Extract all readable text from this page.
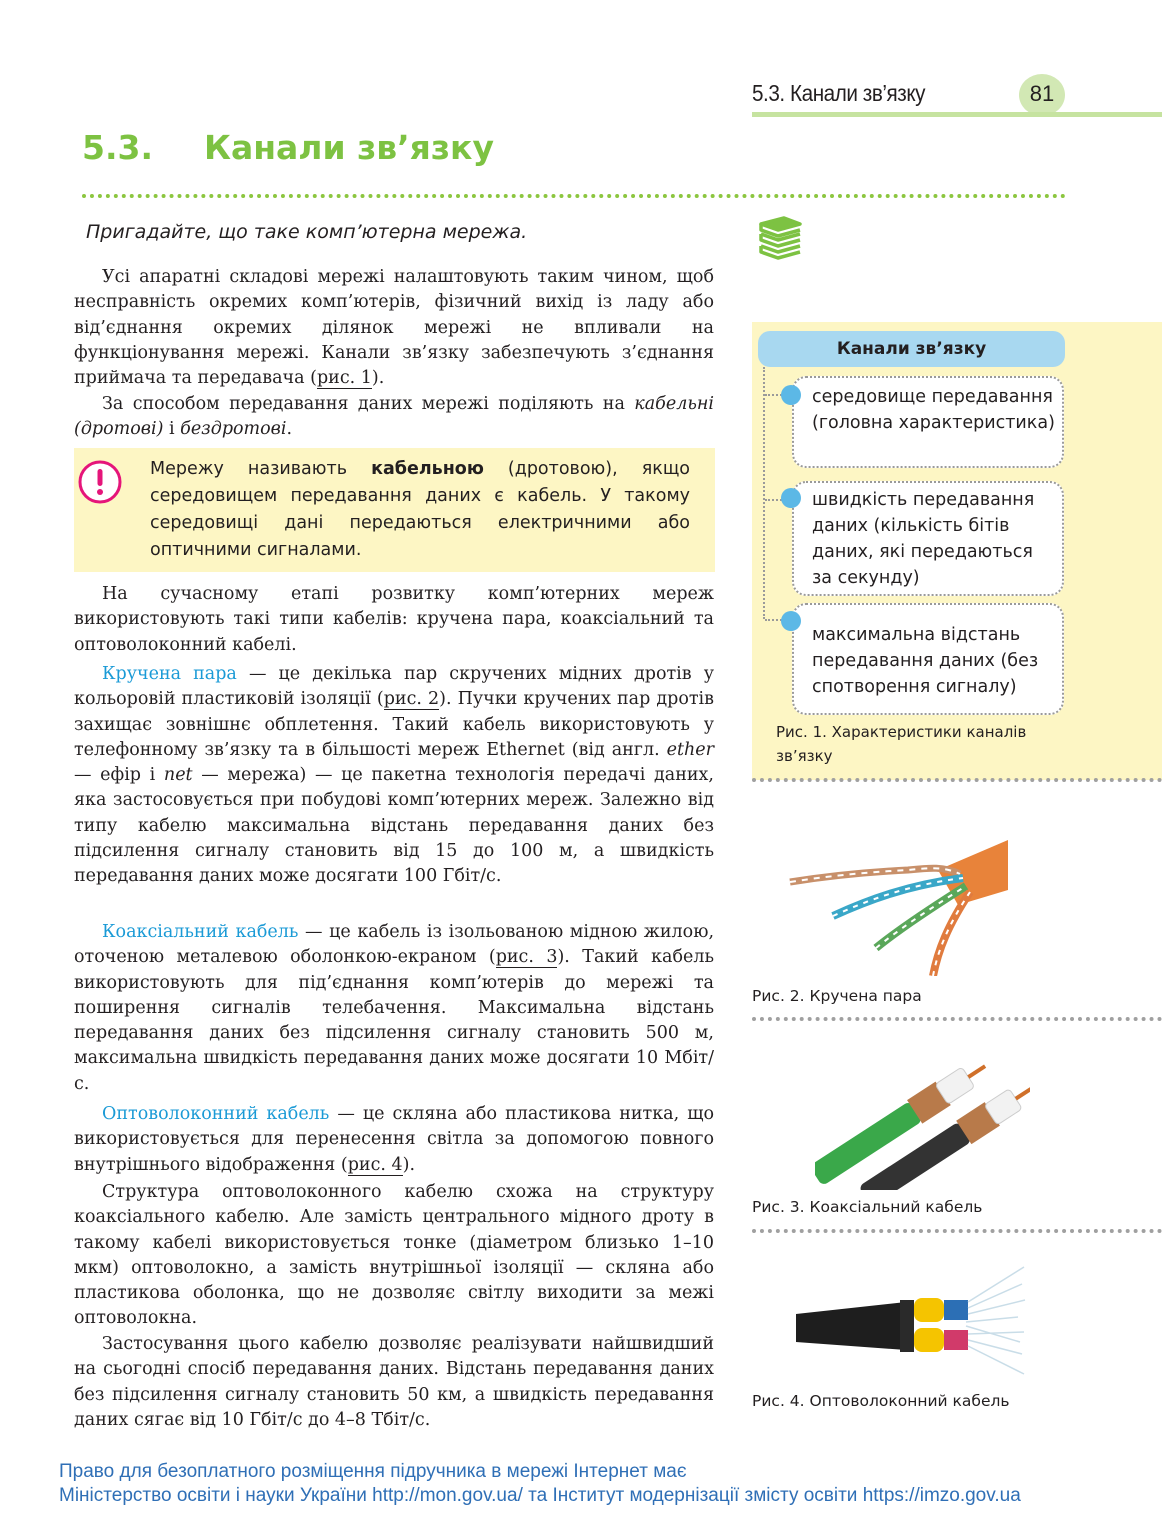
5.3. Канали зв’язку	81
5.3. Канали зв’язку
Пригадайте, що таке комп’ютерна мережа.

Усі апаратні складові мережі налаштовують таким чином, щоб несправність окремих комп’ютерів, фізичний вихід із ладу або від’єднання окремих ділянок мережі не впливали на функціонування мережі. Канали зв’язку забезпечують з’єднання приймача та передавача (рис. 1).

За способом передавання даних мережі поділяють на кабельні (дротові) і бездротові.

Мережу називають кабельною (дротовою), якщо середовищем передавання даних є кабель. У такому середовищі дані передаються електричними або оптичними сигналами.

На сучасному етапі розвитку комп’ютерних мереж використовують такі типи кабелів: кручена пара, коаксіальний та оптоволоконний кабелі.

Кручена пара — це декілька пар скручених мідних дротів у кольоровій пластиковій ізоляції (рис. 2). Пучки кручених пар дротів захищає зовнішнє обплетення. Такий кабель використовують у телефонному зв’язку та в більшості мереж Ethernet (від англ. ether — ефір і net — мережа) — це пакетна технологія передачі даних, яка застосовується при побудові комп’ютерних мереж. Залежно від типу кабелю максимальна відстань передавання даних без підсилення сигналу становить від 15 до 100 м, а швидкість передавання даних може досягати 100 Гбіт/с.

Коаксіальний кабель — це кабель із ізольованою мідною жилою, оточеною металевою оболонкою-екраном (рис. 3). Такий кабель використовують для під’єднання комп’ютерів до мережі та поширення сигналів телебачення. Максимальна відстань передавання даних без підсилення сигналу становить 500 м, максимальна швидкість передавання даних може досягати 10 Мбіт/с.

Оптоволоконний кабель — це скляна або пластикова нитка, що використовується для перенесення світла за допомогою повного внутрішнього відображення (рис. 4).

Структура оптоволоконного кабелю схожа на структуру коаксіального кабелю. Але замість центрального мідного дроту в такому кабелі використовується тонке (діаметром близько 1–10 мкм) оптоволокно, а замість внутрішньої ізоляції — скляна або пластикова оболонка, що не дозволяє світлу виходити за межі оптоволокна.

Застосування цього кабелю дозволяє реалізувати найшвидший на сьогодні спосіб передавання даних. Відстань передавання даних без підсилення сигналу становить 50 км, а швидкість передавання даних сягає від 10 Гбіт/с до 4–8 Тбіт/с.

Канали зв’язку
середовище передавання (головна характеристика)
швидкість передавання даних (кількість бітів даних, які передаються за секунду)
максимальна відстань передавання даних (без спотворення сигналу)
Рис. 1. Характеристики каналів зв’язку
Рис. 2. Кручена пара
Рис. 3. Коаксіальний кабель
Рис. 4. Оптоволоконний кабель
Право для безоплатного розміщення підручника в мережі Інтернет має
Міністерство освіти і науки України http://mon.gov.ua/ та Інститут модернізації змісту освіти https://imzo.gov.ua
